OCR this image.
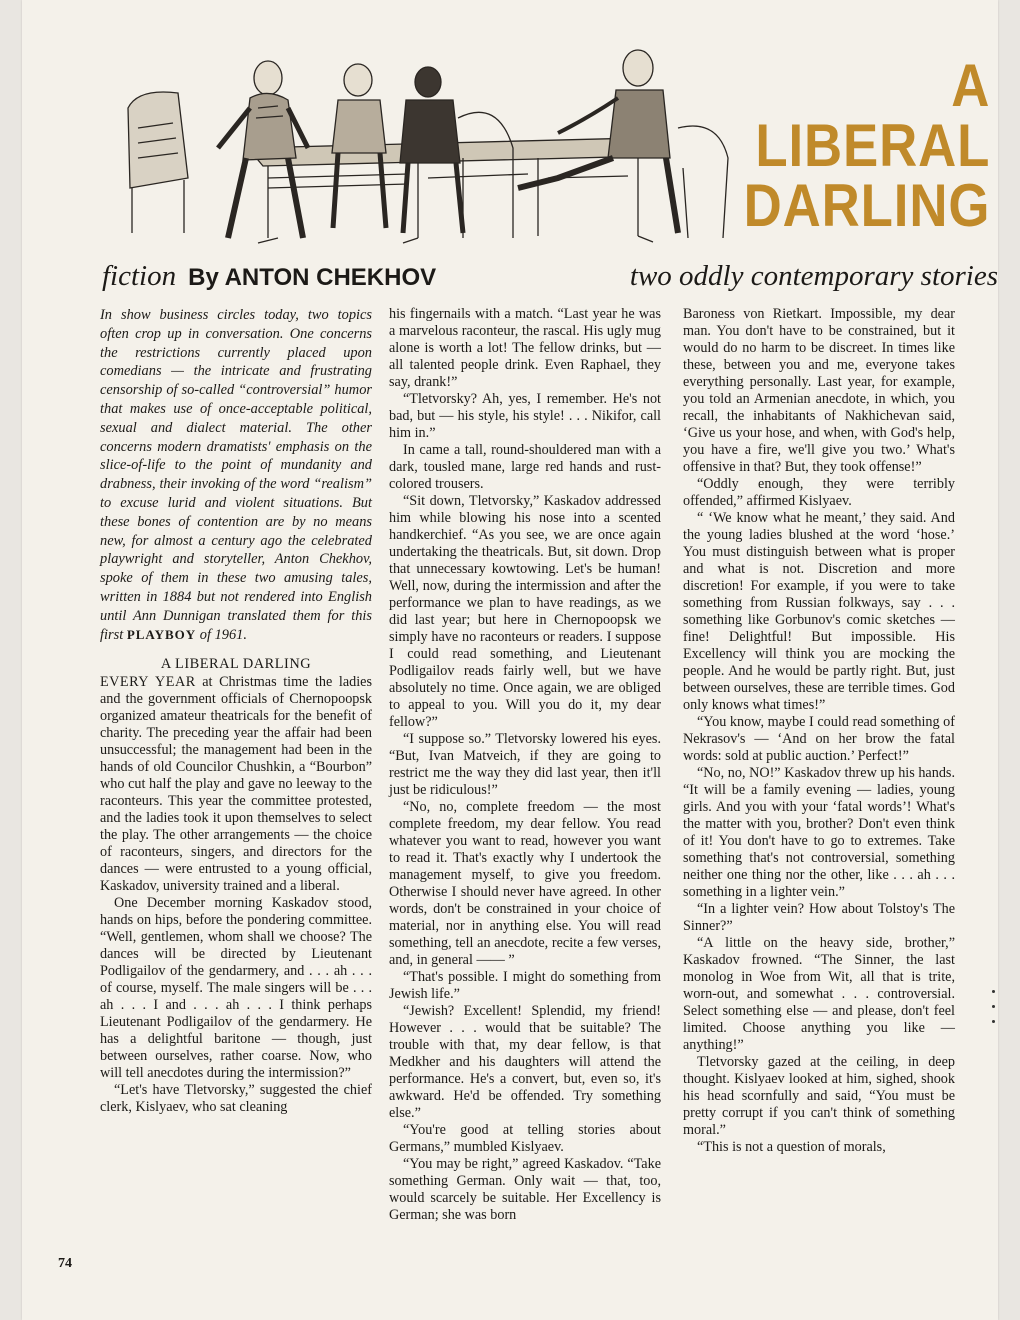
A
LIBERAL
DARLING
fiction By ANTON CHEKHOV	two oddly contemporary stories

In show business circles today, two topics often crop up in conversation. One concerns the restrictions currently placed upon comedians — the intricate and frustrating censorship of so-called “controversial” humor that makes use of once-acceptable political, sexual and dialect material. The other concerns modern dramatists' emphasis on the slice-of-life to the point of mundanity and drabness, their invoking of the word “realism” to excuse lurid and violent situations. But these bones of contention are by no means new, for almost a century ago the celebrated playwright and storyteller, Anton Chekhov, spoke of them in these two amusing tales, written in 1884 but not rendered into English until Ann Dunnigan translated them for this first PLAYBOY of 1961.

A LIBERAL DARLING

EVERY YEAR at Christmas time the ladies and the government officials of Chernopoopsk organized amateur theatricals for the benefit of charity. The preceding year the affair had been unsuccessful; the management had been in the hands of old Councilor Chushkin, a “Bourbon” who cut half the play and gave no leeway to the raconteurs. This year the committee protested, and the ladies took it upon themselves to select the play. The other arrangements — the choice of raconteurs, singers, and directors for the dances — were entrusted to a young official, Kaskadov, university trained and a liberal.

One December morning Kaskadov stood, hands on hips, before the pondering committee. “Well, gentlemen, whom shall we choose? The dances will be directed by Lieutenant Podligailov of the gendarmery, and . . . ah . . . of course, myself. The male singers will be . . . ah . . . I and . . . ah . . . I think perhaps Lieutenant Podligailov of the gendarmery. He has a delightful baritone — though, just between ourselves, rather coarse. Now, who will tell anecdotes during the intermission?”

“Let's have Tletvorsky,” suggested the chief clerk, Kislyaev, who sat cleaning

his fingernails with a match. “Last year he was a marvelous raconteur, the rascal. His ugly mug alone is worth a lot! The fellow drinks, but — all talented people drink. Even Raphael, they say, drank!”

“Tletvorsky? Ah, yes, I remember. He's not bad, but — his style, his style! . . . Nikifor, call him in.”

In came a tall, round-shouldered man with a dark, tousled mane, large red hands and rust-colored trousers.

“Sit down, Tletvorsky,” Kaskadov addressed him while blowing his nose into a scented handkerchief. “As you see, we are once again undertaking the theatricals. But, sit down. Drop that unnecessary kowtowing. Let's be human! Well, now, during the intermission and after the performance we plan to have readings, as we did last year; but here in Chernopoopsk we simply have no raconteurs or readers. I suppose I could read something, and Lieutenant Podligailov reads fairly well, but we have absolutely no time. Once again, we are obliged to appeal to you. Will you do it, my dear fellow?”

“I suppose so.” Tletvorsky lowered his eyes. “But, Ivan Matveich, if they are going to restrict me the way they did last year, then it'll just be ridiculous!”

“No, no, complete freedom — the most complete freedom, my dear fellow. You read whatever you want to read, however you want to read it. That's exactly why I undertook the management myself, to give you freedom. Otherwise I should never have agreed. In other words, don't be constrained in your choice of material, nor in anything else. You will read something, tell an anecdote, recite a few verses, and, in general —— ”

“That's possible. I might do something from Jewish life.”

“Jewish? Excellent! Splendid, my friend! However . . . would that be suitable? The trouble with that, my dear fellow, is that Medkher and his daughters will attend the performance. He's a convert, but, even so, it's awkward. He'd be offended. Try something else.”

“You're good at telling stories about Germans,” mumbled Kislyaev.

“You may be right,” agreed Kaskadov. “Take something German. Only wait — that, too, would scarcely be suitable. Her Excellency is German; she was born

Baroness von Rietkart. Impossible, my dear man. You don't have to be constrained, but it would do no harm to be discreet. In times like these, between you and me, everyone takes everything personally. Last year, for example, you told an Armenian anecdote, in which, you recall, the inhabitants of Nakhichevan said, ‘Give us your hose, and when, with God's help, you have a fire, we'll give you two.’ What's offensive in that? But, they took offense!”

“Oddly enough, they were terribly offended,” affirmed Kislyaev.

“ ‘We know what he meant,’ they said. And the young ladies blushed at the word ‘hose.’ You must distinguish between what is proper and what is not. Discretion and more discretion! For example, if you were to take something from Russian folkways, say . . . something like Gorbunov's comic sketches — fine! Delightful! But impossible. His Excellency will think you are mocking the people. And he would be partly right. But, just between ourselves, these are terrible times. God only knows what times!”

“You know, maybe I could read something of Nekrasov's — ‘And on her brow the fatal words: sold at public auction.’ Perfect!”

“No, no, NO!” Kaskadov threw up his hands. “It will be a family evening — ladies, young girls. And you with your ‘fatal words’! What's the matter with you, brother? Don't even think of it! You don't have to go to extremes. Take something that's not controversial, something neither one thing nor the other, like . . . ah . . . something in a lighter vein.”

“In a lighter vein? How about Tolstoy's The Sinner?”

“A little on the heavy side, brother,” Kaskadov frowned. “The Sinner, the last monolog in Woe from Wit, all that is trite, worn-out, and somewhat . . . controversial. Select something else — and please, don't feel limited. Choose anything you like — anything!”

Tletvorsky gazed at the ceiling, in deep thought. Kislyaev looked at him, sighed, shook his head scornfully and said, “You must be pretty corrupt if you can't think of something moral.”

“This is not a question of morals,

74
